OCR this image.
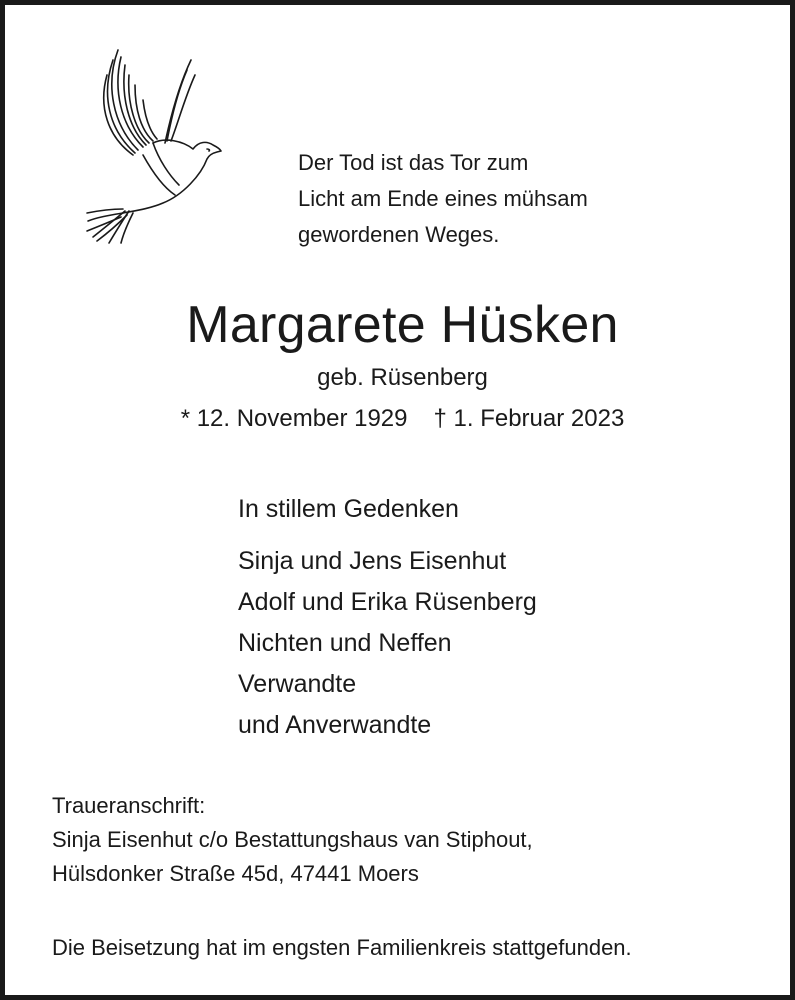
Der Tod ist das Tor zum
Licht am Ende eines mühsam
gewordenen Weges.
Margarete Hüsken
geb. Rüsenberg
* 12. November 1929 † 1. Februar 2023
In stillem Gedenken
Sinja und Jens Eisenhut
Adolf und Erika Rüsenberg
Nichten und Neffen
Verwandte
und Anverwandte
Traueranschrift:
Sinja Eisenhut c/o Bestattungshaus van Stiphout,
Hülsdonker Straße 45d, 47441 Moers
Die Beisetzung hat im engsten Familienkreis stattgefunden.
